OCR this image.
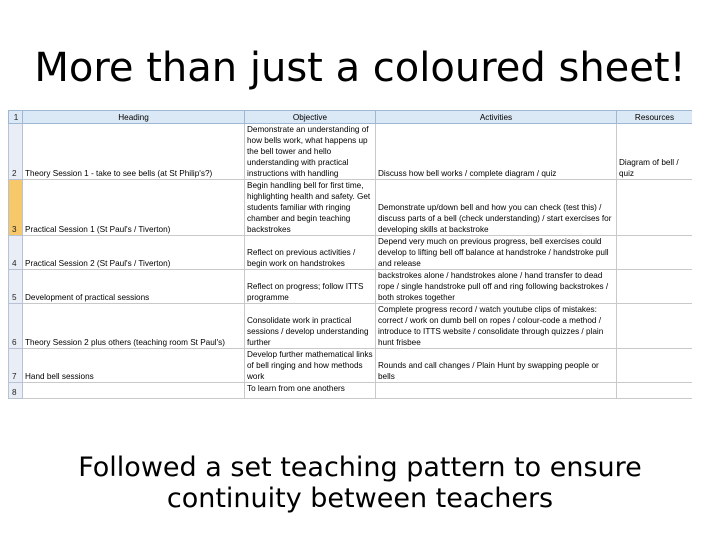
More than just a coloured sheet!
1	Heading	Objective	Activities	Resources
2	Theory Session 1 - take to see bells (at St Philip's?)	Demonstrate an understanding of how bells work, what happens up the bell tower and hello understanding with practical instructions with handling	Discuss how bell works / complete diagram / quiz	Diagram of bell / quiz
3	Practical Session 1 (St Paul's / Tiverton)	Begin handling bell for first time, highlighting health and safety. Get students familiar with ringing chamber and begin teaching backstrokes	Demonstrate up/down bell and how you can check (test this) / discuss parts of a bell (check understanding) / start exercises for developing skills at backstroke	
4	Practical Session 2 (St Paul's / Tiverton)	Reflect on previous activities / begin work on handstrokes	Depend very much on previous progress, bell exercises could develop to lifting bell off balance at handstroke / handstroke pull and release	
5	Development of practical sessions	Reflect on progress; follow ITTS programme	backstrokes alone / handstrokes alone / hand transfer to dead rope / single handstroke pull off and ring following backstrokes / both strokes together	
6	Theory Session 2 plus others (teaching room St Paul's)	Consolidate work in practical sessions / develop understanding further	Complete progress record / watch youtube clips of mistakes: correct / work on dumb bell on ropes / colour-code a method / introduce to ITTS website / consolidate through quizzes / plain hunt frisbee	
7	Hand bell sessions	Develop further mathematical links of bell ringing and how methods work	Rounds and call changes / Plain Hunt by swapping people or bells	
8		To learn from one anothers		
Followed a set teaching pattern to ensure
continuity between teachers
